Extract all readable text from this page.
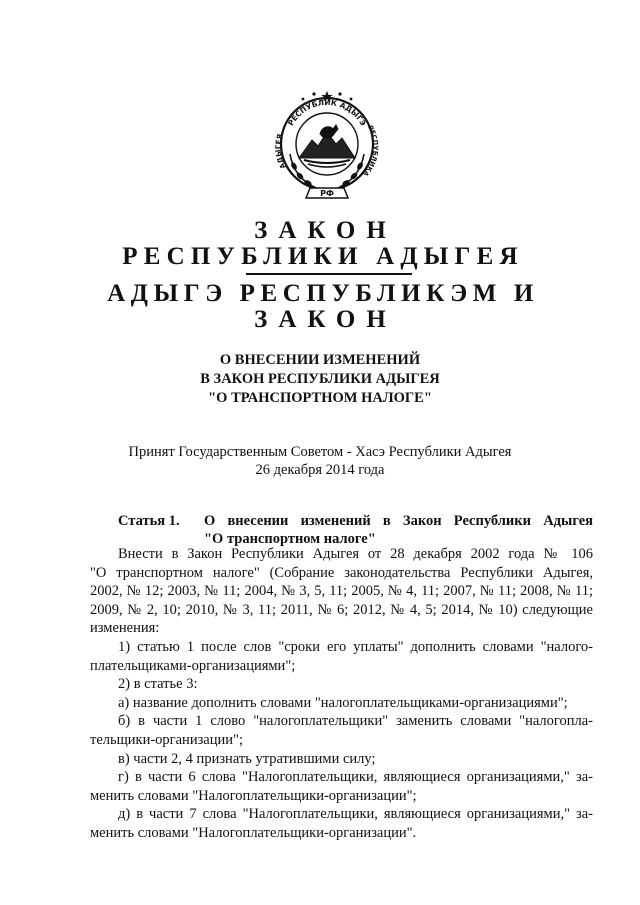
РЕСПУБЛИК АДЫГЭ
АДЫГЕЯ
РЕСПУБЛИКА
РФ
ЗАКОН
РЕСПУБЛИКИ АДЫГЕЯ
АДЫГЭ РЕСПУБЛИКЭМ И
ЗАКОН
О ВНЕСЕНИИ ИЗМЕНЕНИЙ
В ЗАКОН РЕСПУБЛИКИ АДЫГЕЯ
"О ТРАНСПОРТНОМ НАЛОГЕ"
Принят Государственным Советом - Хасэ Республики Адыгея
26 декабря 2014 года
Статья 1. О внесении изменений в Закон Республики Адыгея
"О транспортном налоге"
Внести в Закон Республики Адыгея от 28 декабря 2002 года № 106
"О транспортном налоге" (Собрание законодательства Республики Адыгея,
2002, № 12; 2003, № 11; 2004, № 3, 5, 11; 2005, № 4, 11; 2007, № 11; 2008, № 11;
2009, № 2, 10; 2010, № 3, 11; 2011, № 6; 2012, № 4, 5; 2014, № 10) следующие
изменения:
1) статью 1 после слов "сроки его уплаты" дополнить словами "налого-
плательщиками-организациями";
2) в статье 3:
а) название дополнить словами "налогоплательщиками-организациями";
б) в части 1 слово "налогоплательщики" заменить словами "налогопла-
тельщики-организации";
в) части 2, 4 признать утратившими силу;
г) в части 6 слова "Налогоплательщики, являющиеся организациями," за-
менить словами "Налогоплательщики-организации";
д) в части 7 слова "Налогоплательщики, являющиеся организациями," за-
менить словами "Налогоплательщики-организации".
